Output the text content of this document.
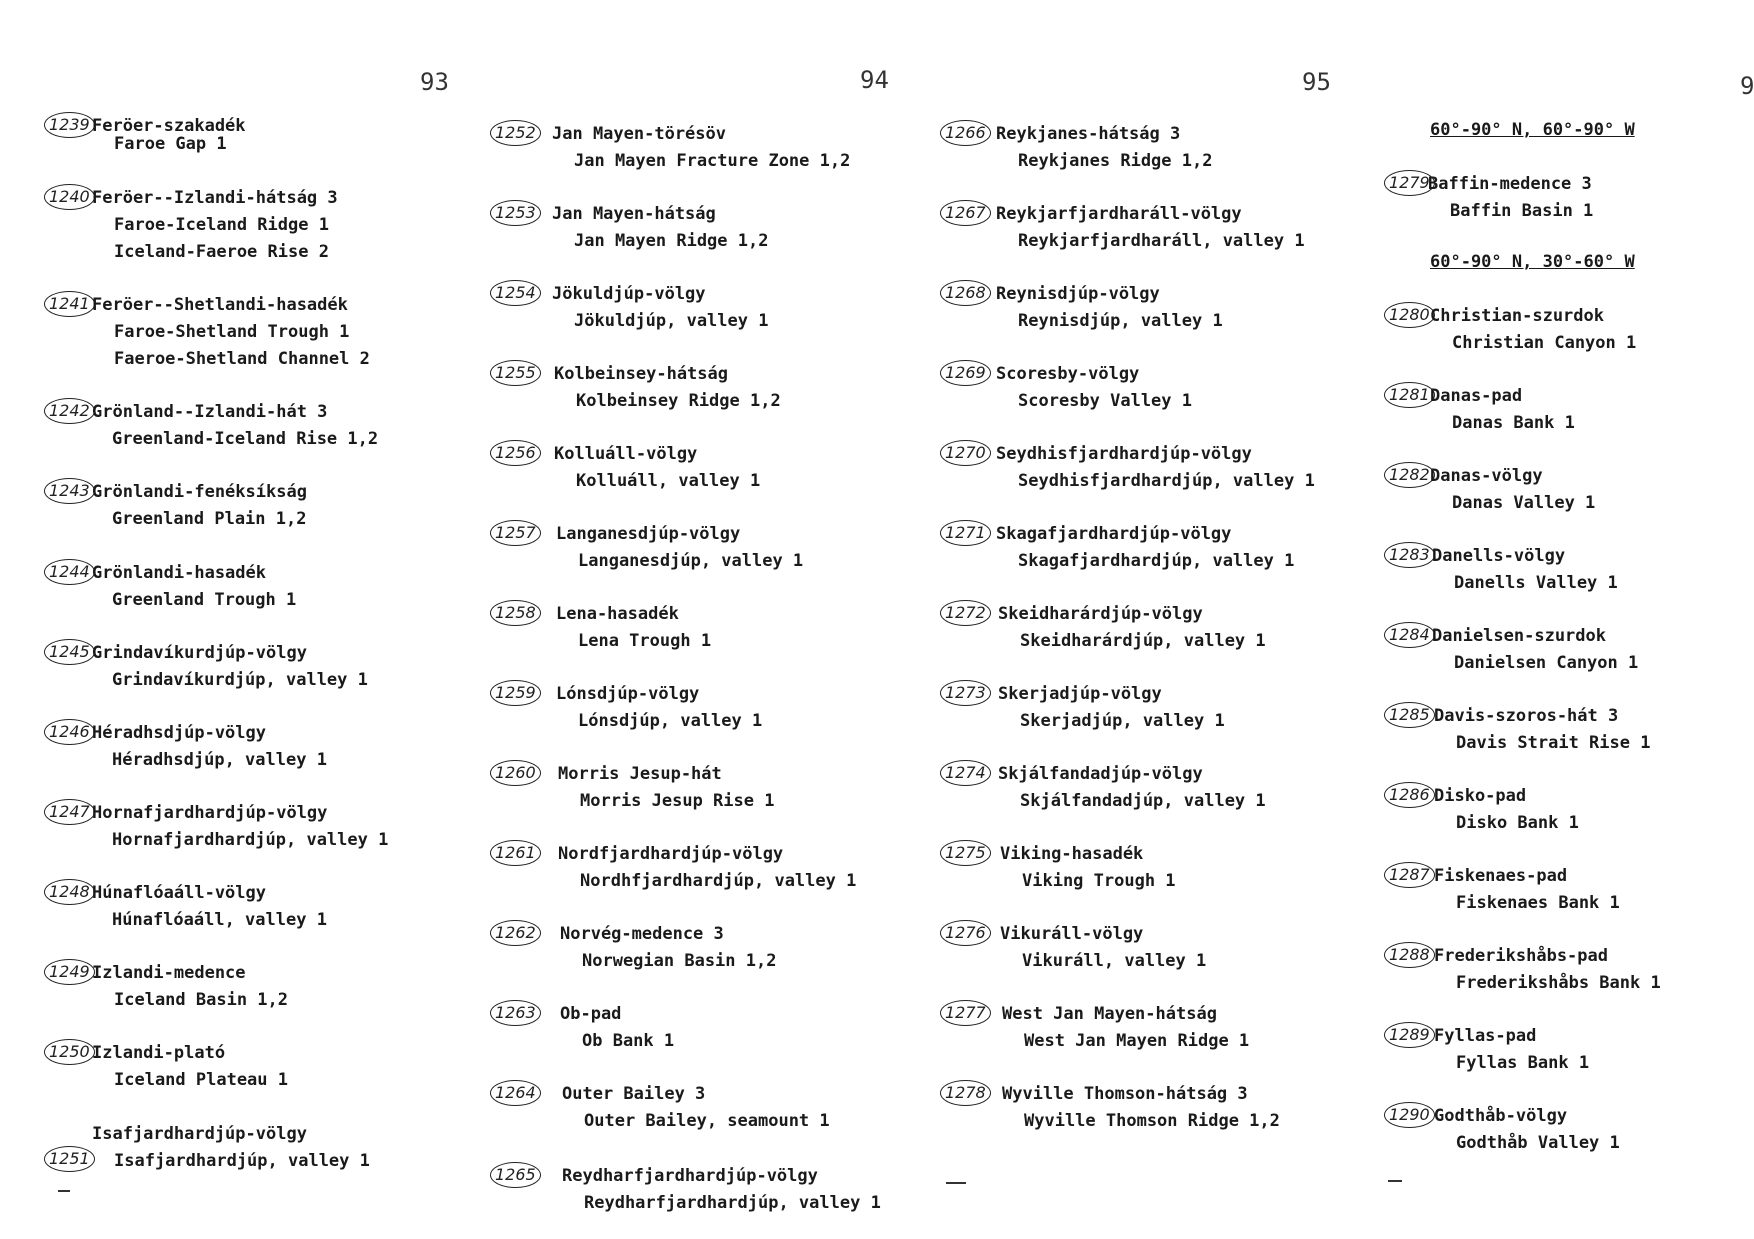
93	94	95	9
1239 Feröer-szakadék
Faroe Gap 1
1240 Feröer--Izlandi-hátság 3
Faroe-Iceland Ridge 1
Iceland-Faeroe Rise 2
1241 Feröer--Shetlandi-hasadék
Faroe-Shetland Trough 1
Faeroe-Shetland Channel 2
1242 Grönland--Izlandi-hát 3
Greenland-Iceland Rise 1,2
1243 Grönlandi-fenéksíkság
Greenland Plain 1,2
1244 Grönlandi-hasadék
Greenland Trough 1
1245 Grindavíkurdjúp-völgy
Grindavíkurdjúp, valley 1
1246 Héradhsdjúp-völgy
Héradhsdjúp, valley 1
1247 Hornafjardhardjúp-völgy
Hornafjardhardjúp, valley 1
1248 Húnaflóaáll-völgy
Húnaflóaáll, valley 1
1249 Izlandi-medence
Iceland Basin 1,2
1250 Izlandi-plató
Iceland Plateau 1
Isafjardhardjúp-völgy
1251 Isafjardhardjúp, valley 1
1252 Jan Mayen-törésöv
Jan Mayen Fracture Zone 1,2
1253 Jan Mayen-hátság
Jan Mayen Ridge 1,2
1254 Jökuldjúp-völgy
Jökuldjúp, valley 1
1255 Kolbeinsey-hátság
Kolbeinsey Ridge 1,2
1256 Kolluáll-völgy
Kolluáll, valley 1
1257 Langanesdjúp-völgy
Langanesdjúp, valley 1
1258 Lena-hasadék
Lena Trough 1
1259 Lónsdjúp-völgy
Lónsdjúp, valley 1
1260 Morris Jesup-hát
Morris Jesup Rise 1
1261 Nordfjardhardjúp-völgy
Nordhfjardhardjúp, valley 1
1262 Norvég-medence 3
Norwegian Basin 1,2
1263 Ob-pad
Ob Bank 1
1264 Outer Bailey 3
Outer Bailey, seamount 1
1265 Reydharfjardhardjúp-völgy
Reydharfjardhardjúp, valley 1
1266 Reykjanes-hátság 3
Reykjanes Ridge 1,2
1267 Reykjarfjardharáll-völgy
Reykjarfjardharáll, valley 1
1268 Reynisdjúp-völgy
Reynisdjúp, valley 1
1269 Scoresby-völgy
Scoresby Valley 1
1270 Seydhisfjardhardjúp-völgy
Seydhisfjardhardjúp, valley 1
1271 Skagafjardhardjúp-völgy
Skagafjardhardjúp, valley 1
1272 Skeidharárdjúp-völgy
Skeidharárdjúp, valley 1
1273 Skerjadjúp-völgy
Skerjadjúp, valley 1
1274 Skjálfandadjúp-völgy
Skjálfandadjúp, valley 1
1275 Viking-hasadék
Viking Trough 1
1276 Vikuráll-völgy
Vikuráll, valley 1
1277 West Jan Mayen-hátság
West Jan Mayen Ridge 1
1278 Wyville Thomson-hátság 3
Wyville Thomson Ridge 1,2
60°-90° N, 60°-90° W
1279
Baffin-medence 3
Baffin Basin 1
60°-90° N, 30°-60° W
1280 Christian-szurdok
Christian Canyon 1
1281 Danas-pad
Danas Bank 1
1282 Danas-völgy
Danas Valley 1
1283 Danells-völgy
Danells Valley 1
1284 Danielsen-szurdok
Danielsen Canyon 1
1285 Davis-szoros-hát 3
Davis Strait Rise 1
1286 Disko-pad
Disko Bank 1
1287 Fiskenaes-pad
Fiskenaes Bank 1
1288 Frederikshåbs-pad
Frederikshåbs Bank 1
1289 Fyllas-pad
Fyllas Bank 1
1290 Godthåb-völgy
Godthåb Valley 1
